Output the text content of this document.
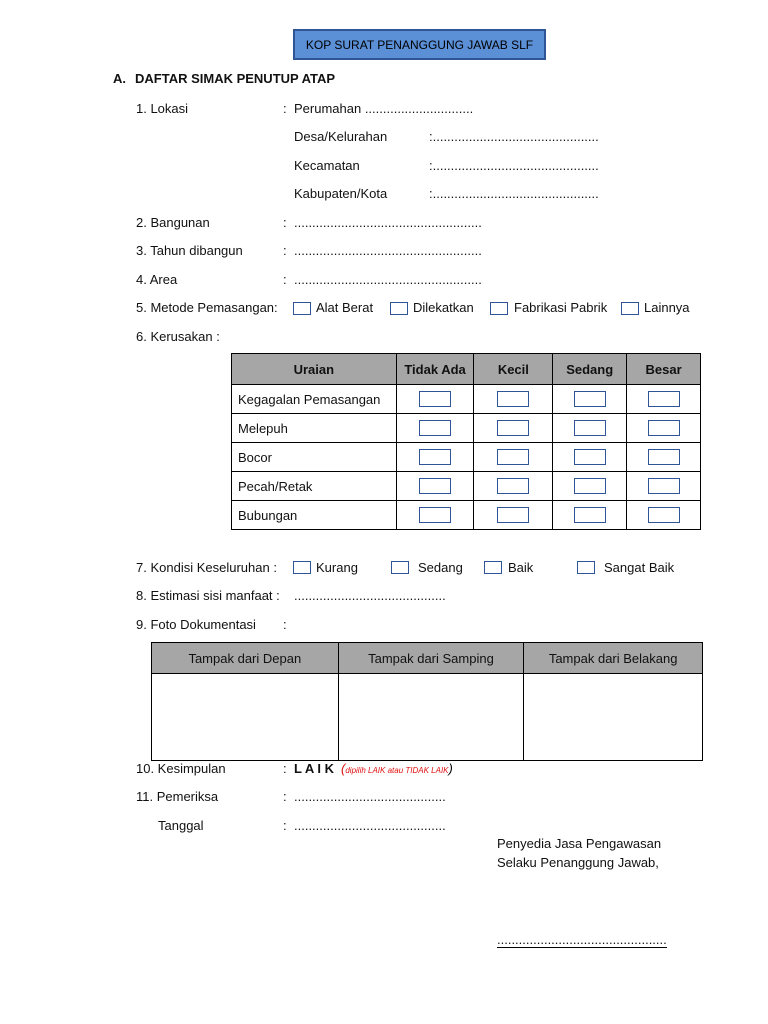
KOP SURAT PENANGGUNG JAWAB SLF
A. DAFTAR SIMAK PENUTUP ATAP
1. Lokasi	: Perumahan ..............................
Desa/Kelurahan	:..............................................
Kecamatan	:..............................................
Kabupaten/Kota	:..............................................
2. Bangunan	: ....................................................
3. Tahun dibangun	: ....................................................
4. Area	: ....................................................
5. Metode Pemasangan:	Alat Berat	Dilekatkan	Fabrikasi Pabrik	Lainnya
6. Kerusakan :
Uraian	Tidak Ada	Kecil	Sedang	Besar
Kegagalan Pemasangan				
Melepuh				
Bocor				
Pecah/Retak				
Bubungan				
7. Kondisi Keseluruhan :	Kurang	Sedang	Baik	Sangat Baik
8. Estimasi sisi manfaat : ..........................................
9. Foto Dokumentasi :
Tampak dari Depan	Tampak dari Samping	Tampak dari Belakang

10. Kesimpulan	: L A I K (dipilih LAIK atau TIDAK LAIK)
11. Pemeriksa	: ..........................................
Tanggal	: ..........................................
Penyedia Jasa Pengawasan
Selaku Penanggung Jawab,
...............................................
